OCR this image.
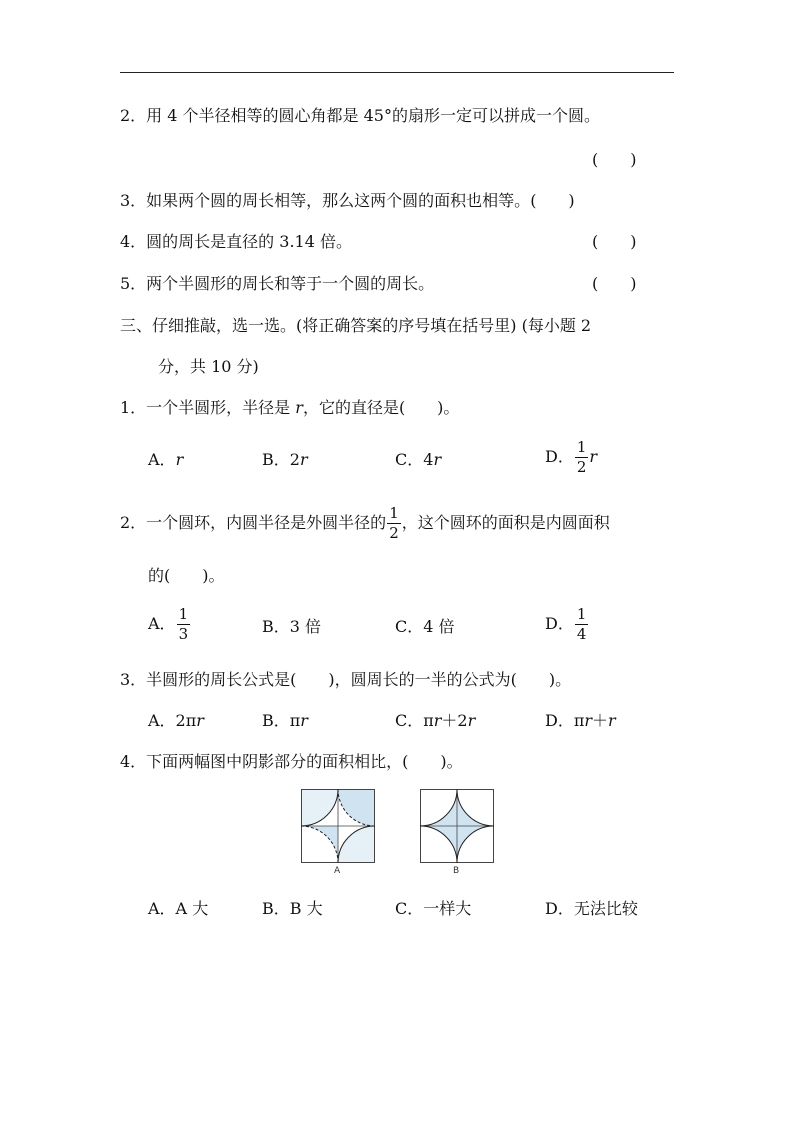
2．用 4 个半径相等的圆心角都是 45°的扇形一定可以拼成一个圆。
(　　)
3．如果两个圆的周长相等，那么这两个圆的面积也相等。(　　)
4．圆的周长是直径的 3.14 倍。	(　　)
5．两个半圆形的周长和等于一个圆的周长。	(　　)
三、仔细推敲，选一选。(将正确答案的序号填在括号里) (每小题 2
分，共 10 分)
1．一个半圆形，半径是 r，它的直径是(　　)。
A．r	B．2r	C．4r	D． $\frac{1}{2}$ r
2．一个圆环，内圆半径是外圆半径的 $\frac{1}{2}$ ，这个圆环的面积是内圆面积
的(　　)。
A． $\frac{1}{3}$	B．3 倍	C．4 倍	D． $\frac{1}{4}$
3．半圆形的周长公式是(　　)，圆周长的一半的公式为(　　)。
A．2πr	B．πr	C．πr＋2r	D．πr＋r
4．下面两幅图中阴影部分的面积相比，(　　)。
A	B
A．A 大	B．B 大	C．一样大	D．无法比较
